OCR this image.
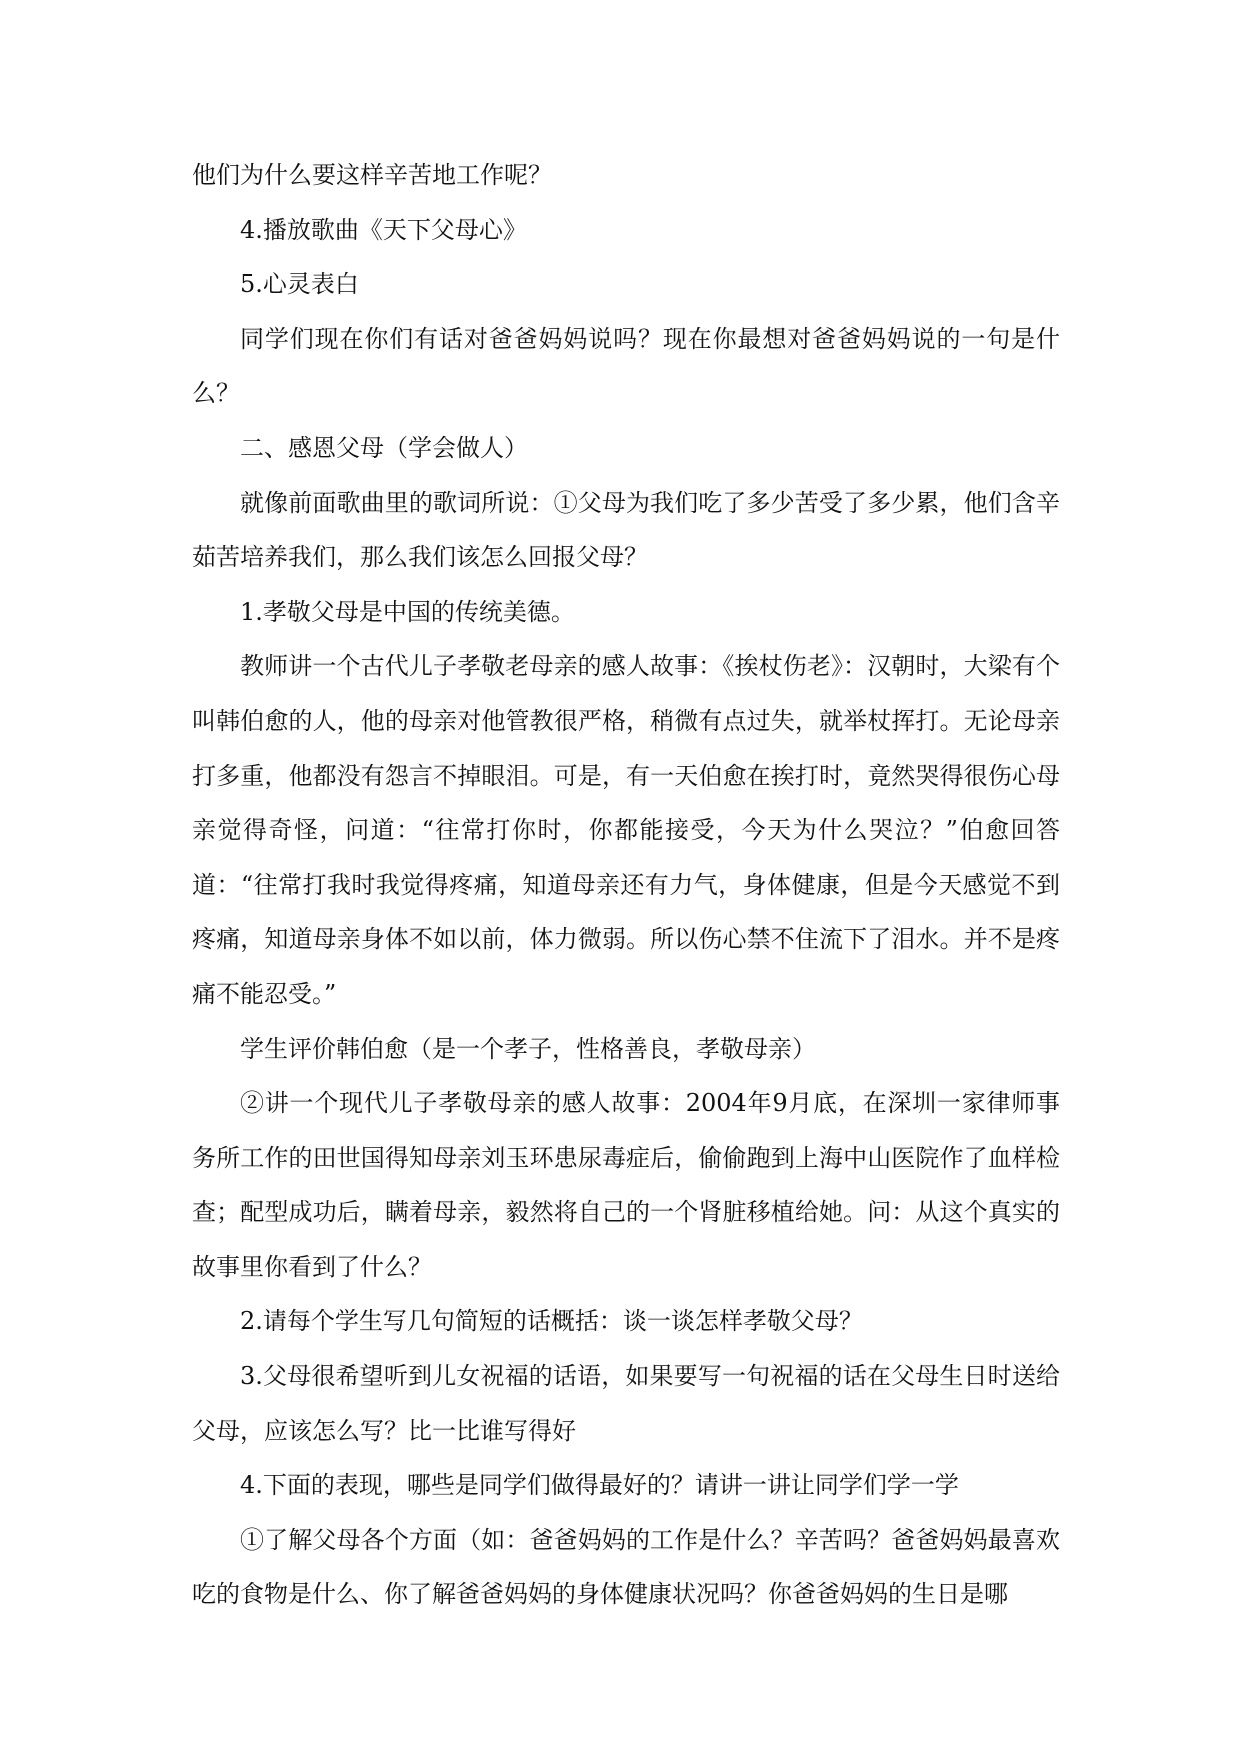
他们为什么要这样辛苦地工作呢？

4.播放歌曲《天下父母心》

5.心灵表白

同学们现在你们有话对爸爸妈妈说吗？现在你最想对爸爸妈妈说的一句是什么？

二、感恩父母（学会做人）

就像前面歌曲里的歌词所说：①父母为我们吃了多少苦受了多少累，他们含辛茹苦培养我们，那么我们该怎么回报父母？

1.孝敬父母是中国的传统美德。

教师讲一个古代儿子孝敬老母亲的感人故事：《挨杖伤老》：汉朝时，大梁有个叫韩伯愈的人，他的母亲对他管教很严格，稍微有点过失，就举杖挥打。无论母亲打多重，他都没有怨言不掉眼泪。可是，有一天伯愈在挨打时，竟然哭得很伤心母亲觉得奇怪，问道：“往常打你时，你都能接受，今天为什么哭泣？”伯愈回答道：“往常打我时我觉得疼痛，知道母亲还有力气，身体健康，但是今天感觉不到疼痛，知道母亲身体不如以前，体力微弱。所以伤心禁不住流下了泪水。并不是疼痛不能忍受。”

学生评价韩伯愈（是一个孝子，性格善良，孝敬母亲）

②讲一个现代儿子孝敬母亲的感人故事：2004年9月底，在深圳一家律师事务所工作的田世国得知母亲刘玉环患尿毒症后，偷偷跑到上海中山医院作了血样检查；配型成功后，瞒着母亲，毅然将自己的一个肾脏移植给她。问：从这个真实的故事里你看到了什么？

2.请每个学生写几句简短的话概括：谈一谈怎样孝敬父母？

3.父母很希望听到儿女祝福的话语，如果要写一句祝福的话在父母生日时送给父母，应该怎么写？比一比谁写得好

4.下面的表现，哪些是同学们做得最好的？请讲一讲让同学们学一学

①了解父母各个方面（如：爸爸妈妈的工作是什么？辛苦吗？爸爸妈妈最喜欢吃的食物是什么、你了解爸爸妈妈的身体健康状况吗？你爸爸妈妈的生日是哪
